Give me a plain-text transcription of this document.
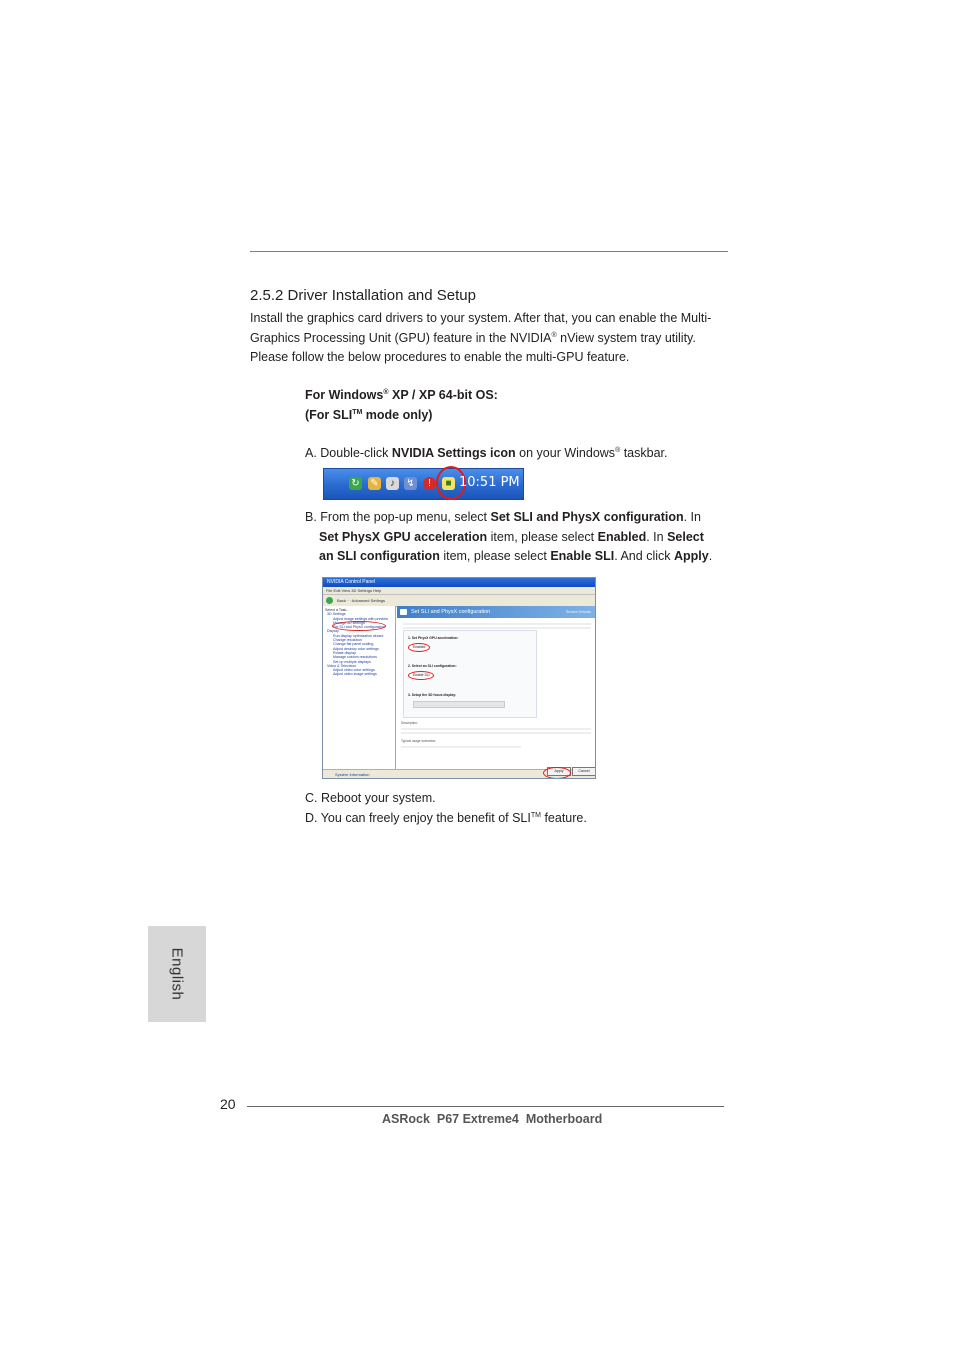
2.5.2 Driver Installation and Setup
Install the graphics card drivers to your system. After that, you can enable the Multi-
Graphics Processing Unit (GPU) feature in the NVIDIA® nView system tray utility.
Please follow the below procedures to enable the multi-GPU feature.
For Windows® XP / XP 64-bit OS:
(For SLI™ mode only)
A. Double-click NVIDIA Settings icon on your Windows® taskbar.
↻ ✎	♪	↯	!	■ 10:51 PM
B. From the pop-up menu, select Set SLI and PhysX configuration. In
Set PhysX GPU acceleration item, please select Enabled. In Select
an SLI configuration item, please select Enable SLI. And click Apply.
NVIDIA Control Panel
File Edit View 3D Settings Help
Back · · Advanced Settings
Select a Task...
3D Settings
Adjust image settings with preview
Manage 3D settings
Set SLI and PhysX configuration
Display
Run display optimization wizard
Change resolution
Change flat panel scaling
Adjust desktop color settings
Rotate display
Manage custom resolutions
Set up multiple displays
Video & Television
Adjust video color settings
Adjust video image settings
Set SLI and PhysX configuration	Restore Defaults
1. Set PhysX GPU acceleration:
Enabled
2. Select an SLI configuration:
Enable SLI
3. Setup the 3D focus display:
Description:
Typical usage scenarios:
System Information
Apply	Cancel
C. Reboot your system.
D. You can freely enjoy the benefit of SLI™ feature.
English
20
ASRock  P67 Extreme4  Motherboard
